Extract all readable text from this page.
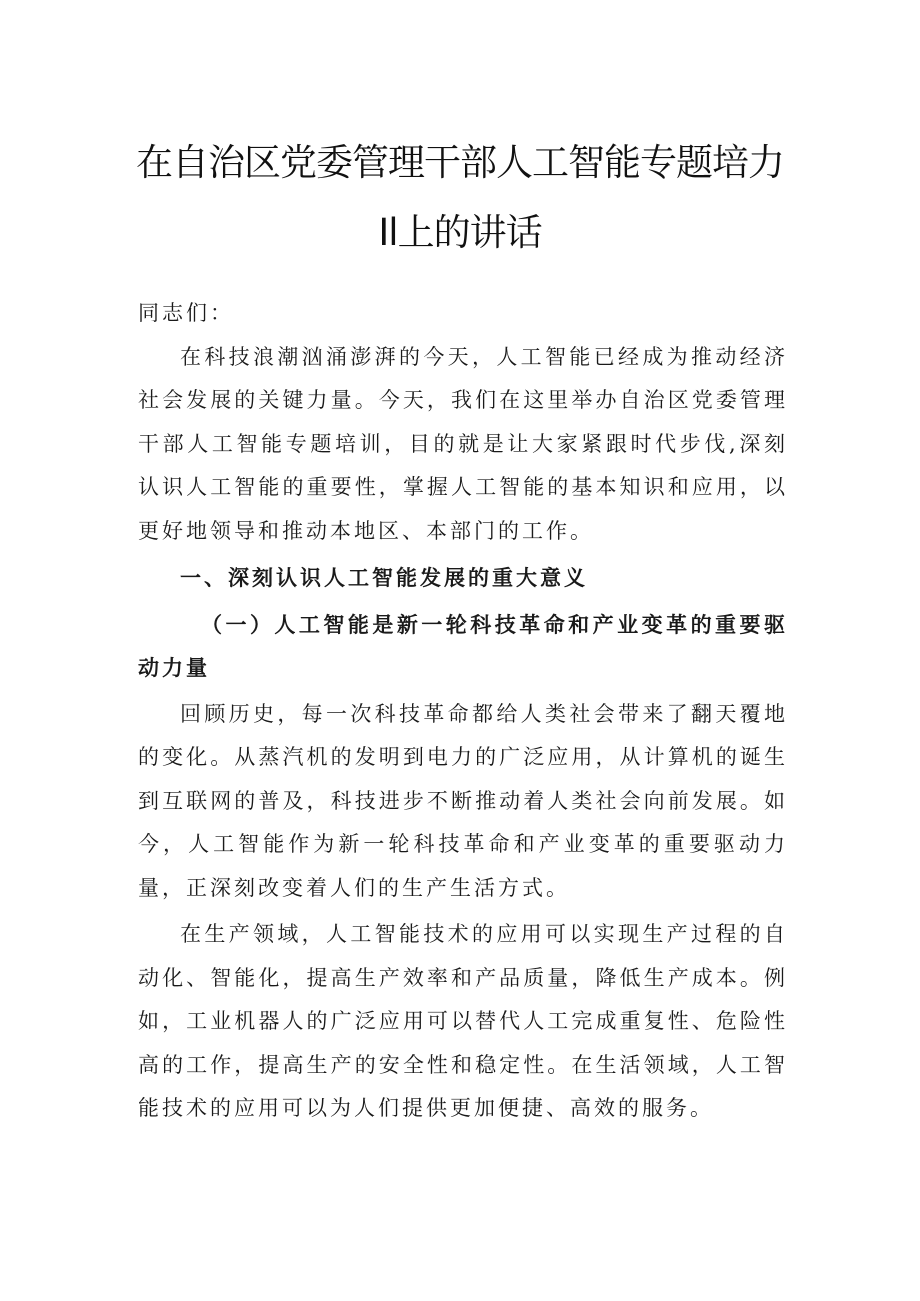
在自治区党委管理干部人工智能专题培力Il上的讲话

同志们：

在科技浪潮汹涌澎湃的今天，人工智能已经成为推动经济社会发展的关键力量。今天，我们在这里举办自治区党委管理干部人工智能专题培训，目的就是让大家紧跟时代步伐,深刻认识人工智能的重要性，掌握人工智能的基本知识和应用，以更好地领导和推动本地区、本部门的工作。

一、深刻认识人工智能发展的重大意义

（一）人工智能是新一轮科技革命和产业变革的重要驱动力量

回顾历史，每一次科技革命都给人类社会带来了翻天覆地的变化。从蒸汽机的发明到电力的广泛应用，从计算机的诞生到互联网的普及，科技进步不断推动着人类社会向前发展。如今，人工智能作为新一轮科技革命和产业变革的重要驱动力量，正深刻改变着人们的生产生活方式。

在生产领域，人工智能技术的应用可以实现生产过程的自动化、智能化，提高生产效率和产品质量，降低生产成本。例如，工业机器人的广泛应用可以替代人工完成重复性、危险性高的工作，提高生产的安全性和稳定性。在生活领域，人工智能技术的应用可以为人们提供更加便捷、高效的服务。
